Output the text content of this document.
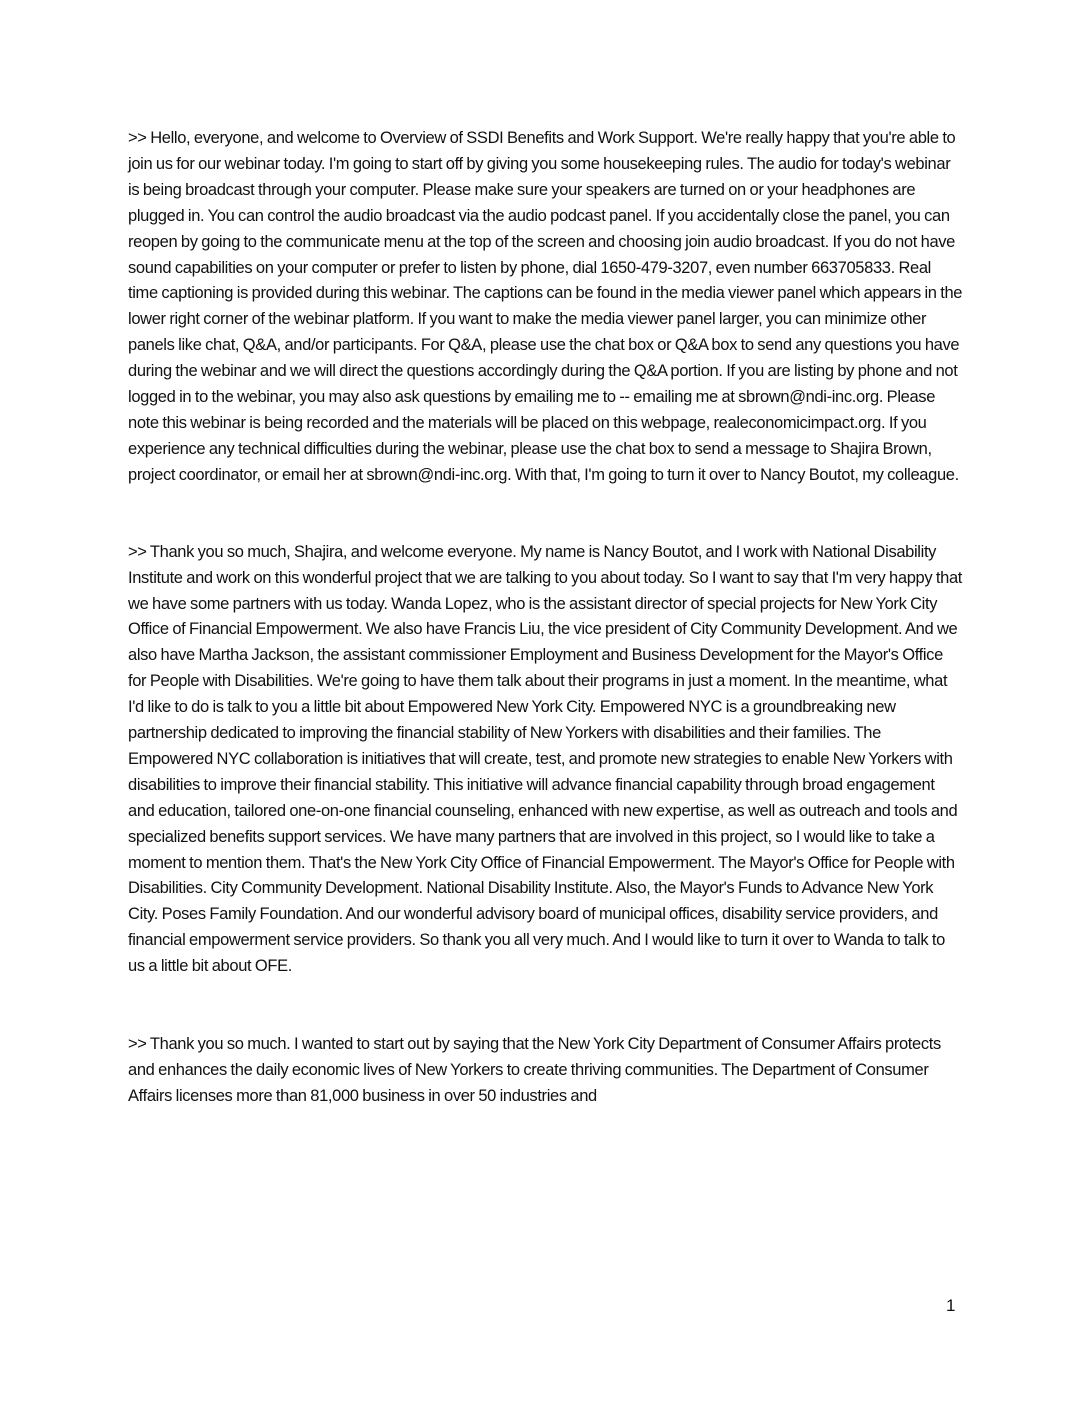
>> Hello, everyone, and welcome to Overview of SSDI Benefits and Work Support. We're really happy that you're able to join us for our webinar today. I'm going to start off by giving you some housekeeping rules. The audio for today's webinar is being broadcast through your computer. Please make sure your speakers are turned on or your headphones are plugged in. You can control the audio broadcast via the audio podcast panel. If you accidentally close the panel, you can reopen by going to the communicate menu at the top of the screen and choosing join audio broadcast. If you do not have sound capabilities on your computer or prefer to listen by phone, dial 1650-479-3207, even number 663705833. Real time captioning is provided during this webinar. The captions can be found in the media viewer panel which appears in the lower right corner of the webinar platform. If you want to make the media viewer panel larger, you can minimize other panels like chat, Q&A, and/or participants. For Q&A, please use the chat box or Q&A box to send any questions you have during the webinar and we will direct the questions accordingly during the Q&A portion. If you are listing by phone and not logged in to the webinar, you may also ask questions by emailing me to -- emailing me at sbrown@ndi-inc.org. Please note this webinar is being recorded and the materials will be placed on this webpage, realeconomicimpact.org. If you experience any technical difficulties during the webinar, please use the chat box to send a message to Shajira Brown, project coordinator, or email her at sbrown@ndi-inc.org. With that, I'm going to turn it over to Nancy Boutot, my colleague.

>> Thank you so much, Shajira, and welcome everyone. My name is Nancy Boutot, and I work with National Disability Institute and work on this wonderful project that we are talking to you about today. So I want to say that I'm very happy that we have some partners with us today. Wanda Lopez, who is the assistant director of special projects for New York City Office of Financial Empowerment. We also have Francis Liu, the vice president of City Community Development. And we also have Martha Jackson, the assistant commissioner Employment and Business Development for the Mayor's Office for People with Disabilities. We're going to have them talk about their programs in just a moment. In the meantime, what I'd like to do is talk to you a little bit about Empowered New York City. Empowered NYC is a groundbreaking new partnership dedicated to improving the financial stability of New Yorkers with disabilities and their families. The Empowered NYC collaboration is initiatives that will create, test, and promote new strategies to enable New Yorkers with disabilities to improve their financial stability. This initiative will advance financial capability through broad engagement and education, tailored one-on-one financial counseling, enhanced with new expertise, as well as outreach and tools and specialized benefits support services. We have many partners that are involved in this project, so I would like to take a moment to mention them. That's the New York City Office of Financial Empowerment. The Mayor's Office for People with Disabilities. City Community Development. National Disability Institute. Also, the Mayor's Funds to Advance New York City. Poses Family Foundation. And our wonderful advisory board of municipal offices, disability service providers, and financial empowerment service providers. So thank you all very much. And I would like to turn it over to Wanda to talk to us a little bit about OFE.

>> Thank you so much. I wanted to start out by saying that the New York City Department of Consumer Affairs protects and enhances the daily economic lives of New Yorkers to create thriving communities. The Department of Consumer Affairs licenses more than 81,000 business in over 50 industries and

1
